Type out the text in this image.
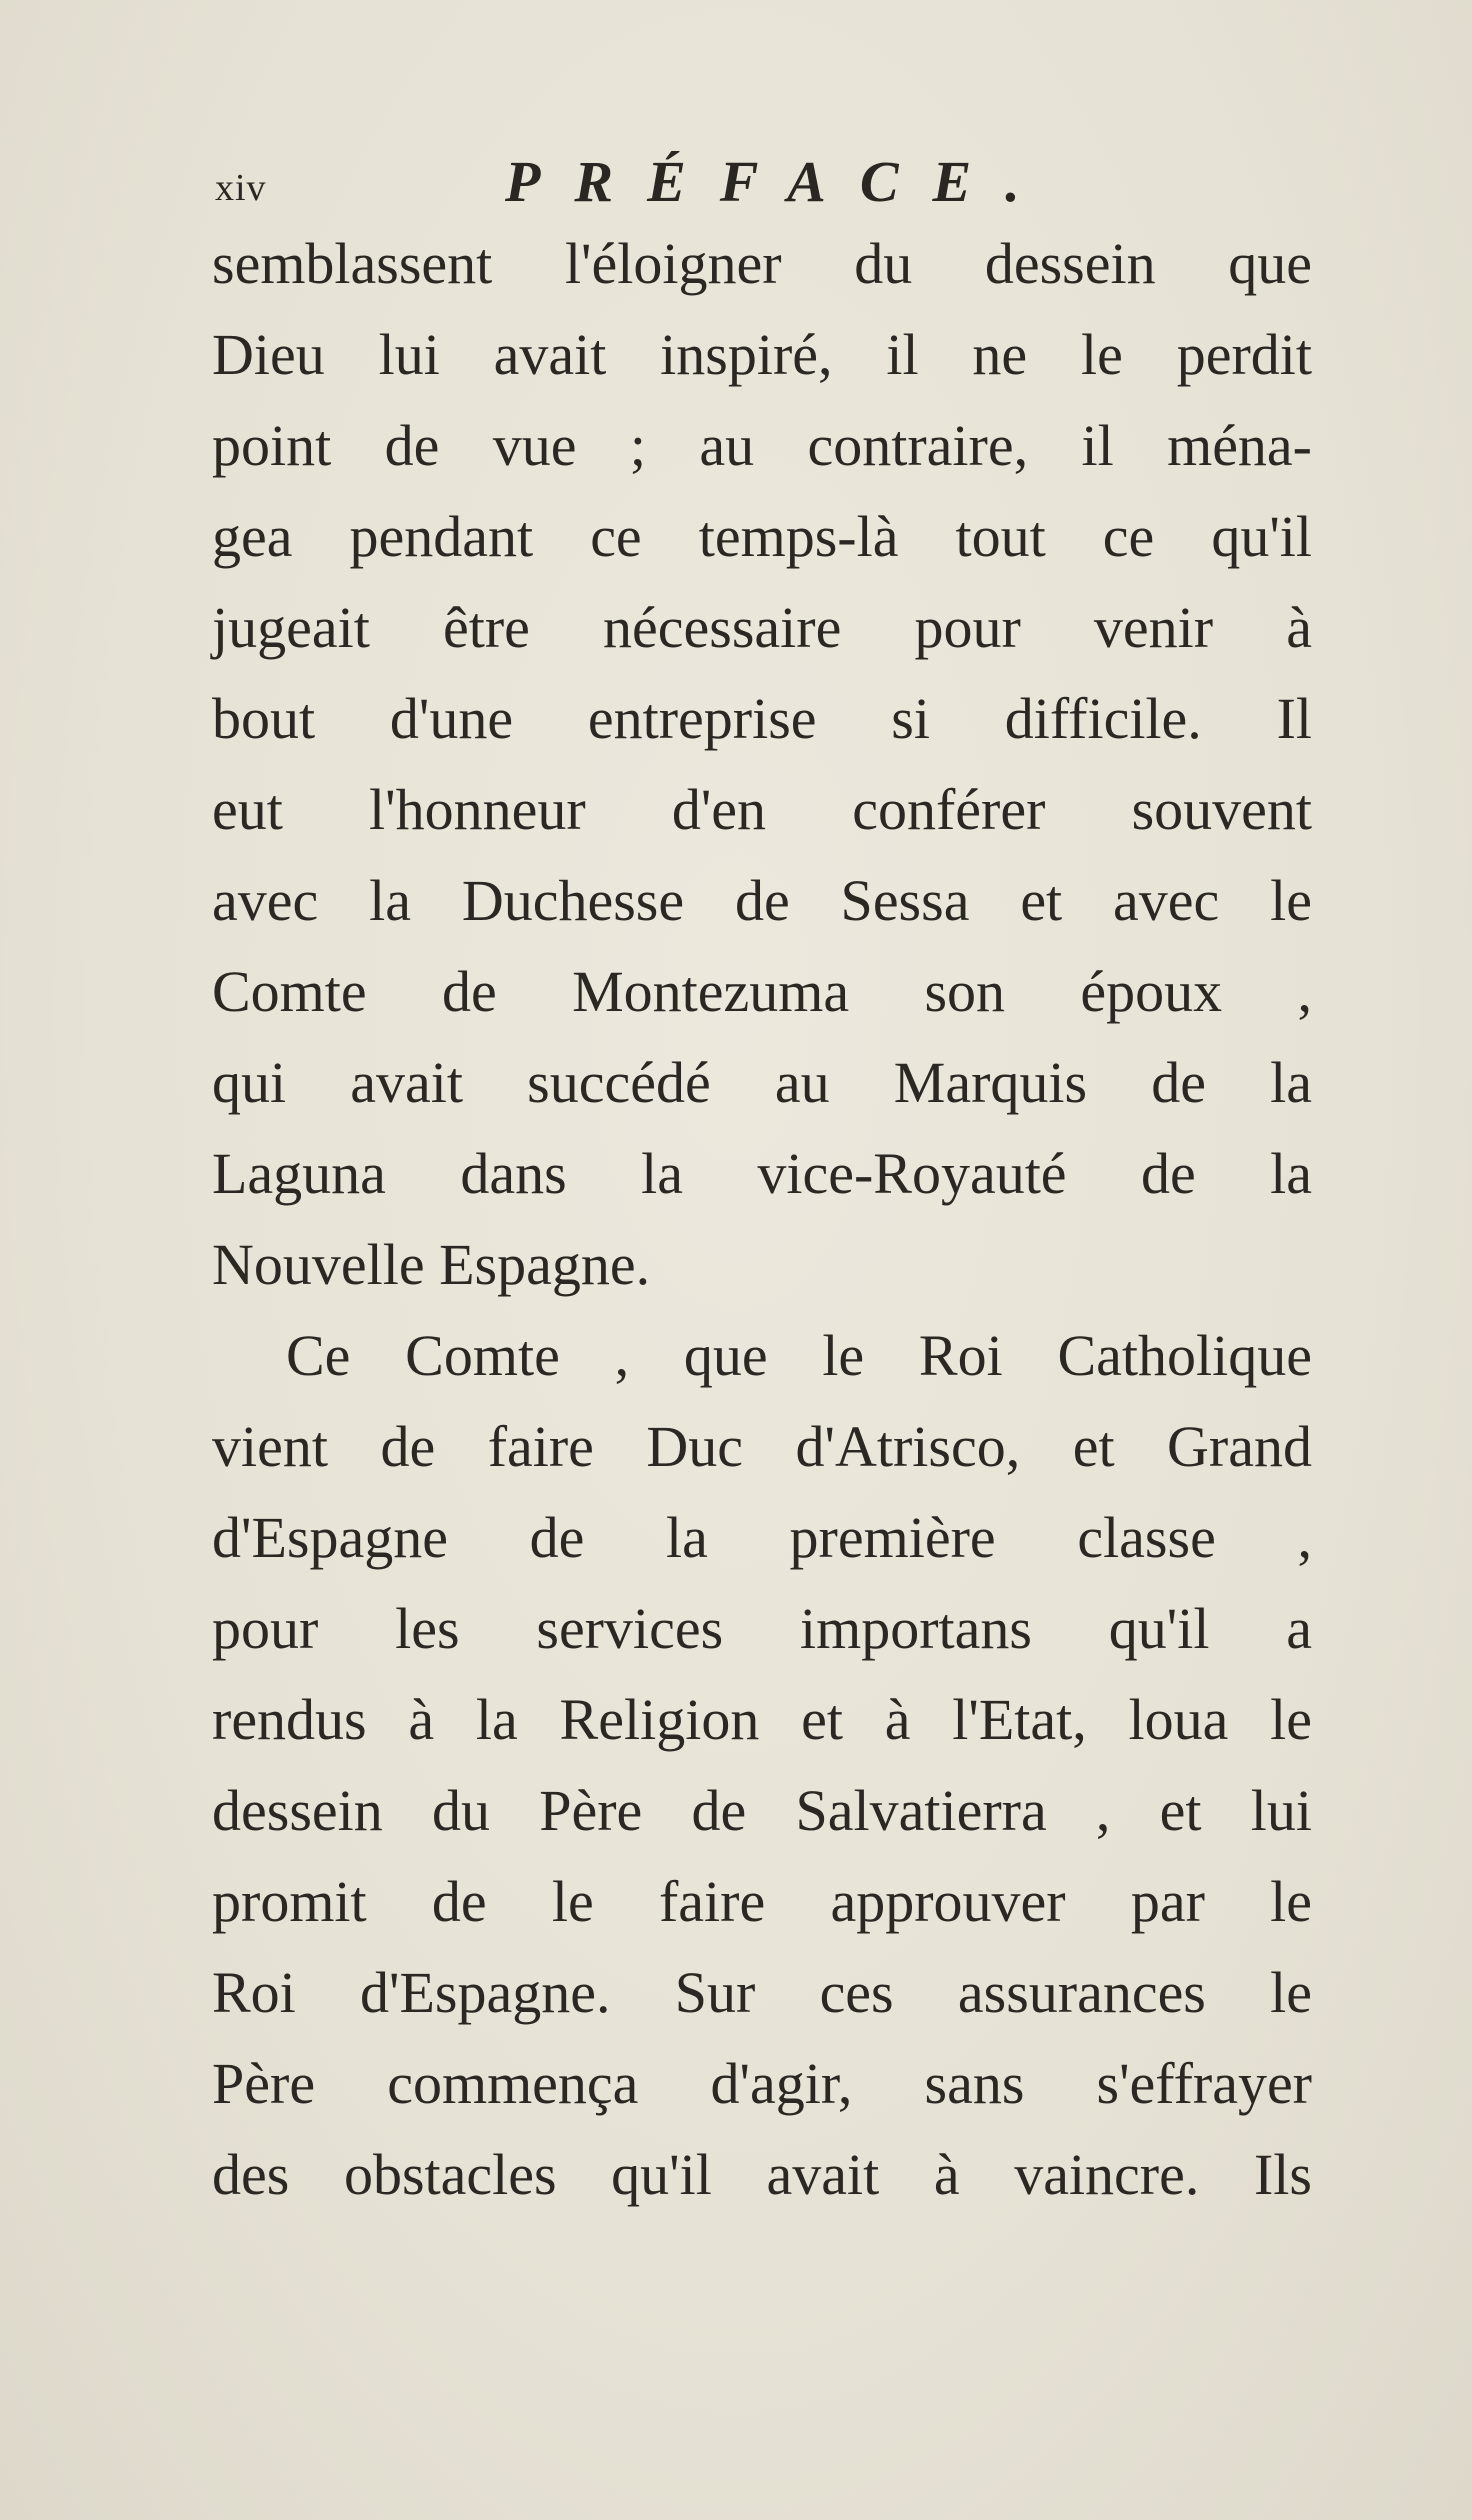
xiv	PRÉFACE.
semblassent l'éloigner du dessein que
Dieu lui avait inspiré, il ne le perdit
point de vue ; au contraire, il ména-
gea pendant ce temps-là tout ce qu'il
jugeait être nécessaire pour venir à
bout d'une entreprise si difficile. Il
eut l'honneur d'en conférer souvent
avec la Duchesse de Sessa et avec le
Comte de Montezuma son époux ,
qui avait succédé au Marquis de la
Laguna dans la vice-Royauté de la
Nouvelle Espagne.
Ce Comte , que le Roi Catholique
vient de faire Duc d'Atrisco, et Grand
d'Espagne de la première classe ,
pour les services importans qu'il a
rendus à la Religion et à l'Etat, loua le
dessein du Père de Salvatierra , et lui
promit de le faire approuver par le
Roi d'Espagne. Sur ces assurances le
Père commença d'agir, sans s'effrayer
des obstacles qu'il avait à vaincre. Ils
